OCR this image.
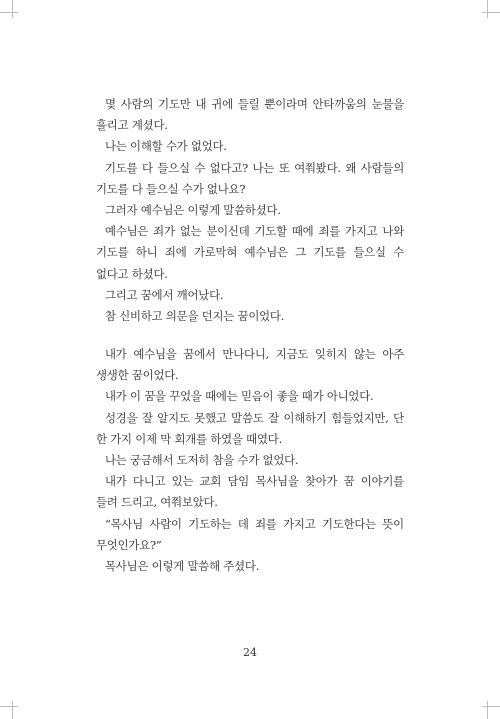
몇 사람의 기도만 내 귀에 들릴 뿐이라며 안타까움의 눈물을 흘리고 계셨다.

나는 이해할 수가 없었다.

기도를 다 들으실 수 없다고? 나는 또 여쭤봤다. 왜 사람들의 기도를 다 들으실 수가 없나요?

그러자 예수님은 이렇게 말씀하셨다.

예수님은 죄가 없는 분이신데 기도할 때에 죄를 가지고 나와 기도를 하니 죄에 가로막혀 예수님은 그 기도를 들으실 수 없다고 하셨다.

그리고 꿈에서 깨어났다.

참 신비하고 의문을 던지는 꿈이었다.

내가 예수님을 꿈에서 만나다니, 지금도 잊히지 않는 아주 생생한 꿈이었다.

내가 이 꿈을 꾸었을 때에는 믿음이 좋을 때가 아니었다.

성경을 잘 알지도 못했고 말씀도 잘 이해하기 힘들었지만, 단 한 가지 이제 막 회개를 하였을 때였다.

나는 궁금해서 도저히 참을 수가 없었다.

내가 다니고 있는 교회 담임 목사님을 찾아가 꿈 이야기를 들려 드리고, 여쭤보았다.

“목사님 사람이 기도하는 데 죄를 가지고 기도한다는 뜻이 무엇인가요?”

목사님은 이렇게 말씀해 주셨다.

24
